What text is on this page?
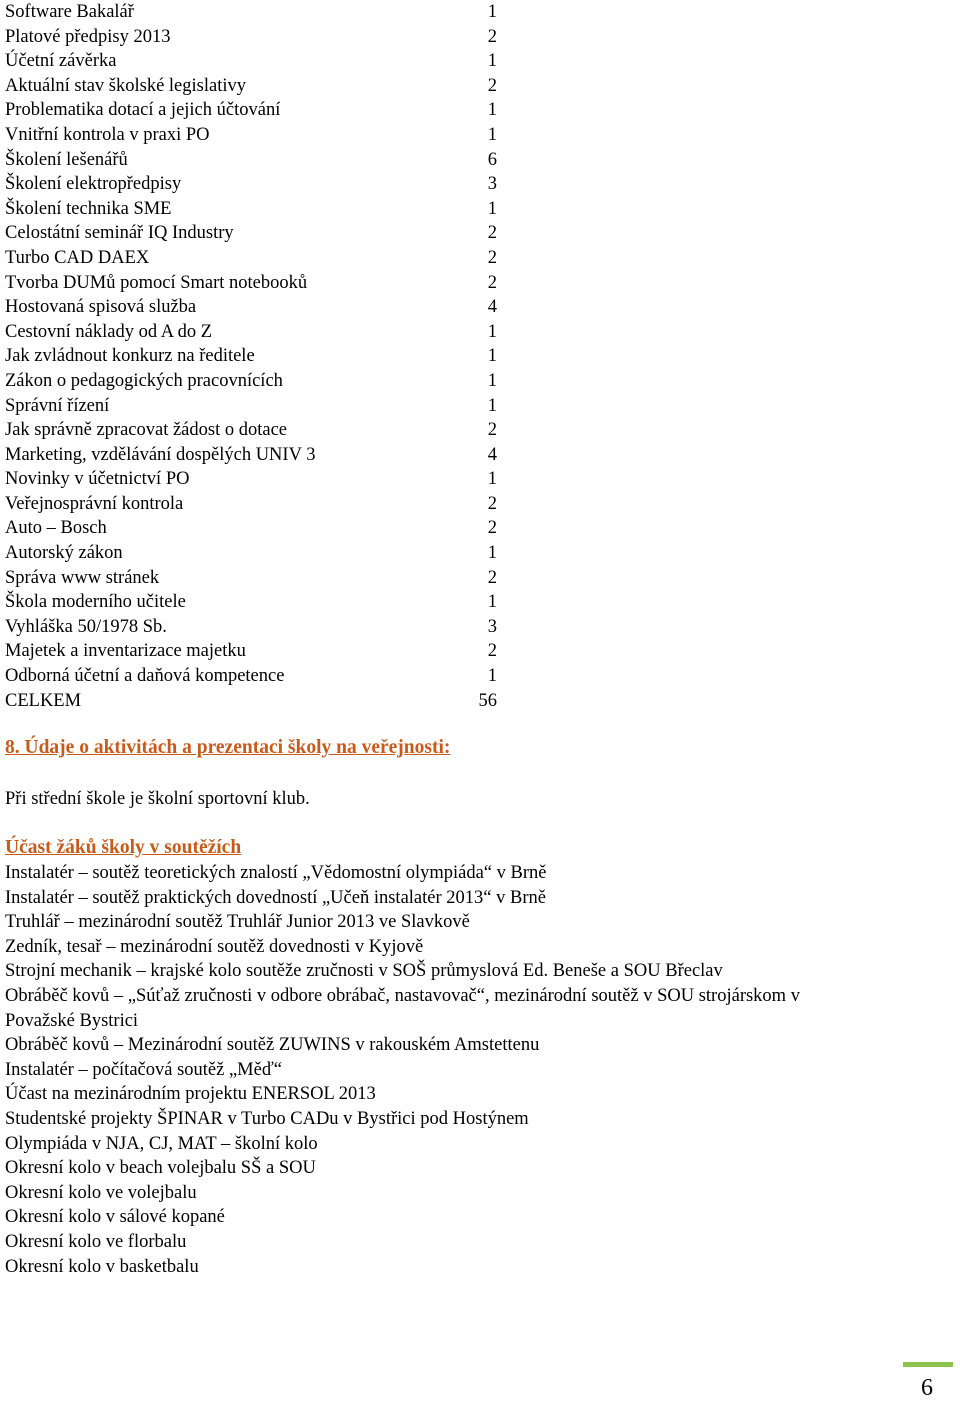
Software Bakalář	1
Platové předpisy 2013	2
Účetní závěrka	1
Aktuální stav školské legislativy	2
Problematika dotací a jejich účtování	1
Vnitřní kontrola v praxi PO	1
Školení lešenářů	6
Školení elektropředpisy	3
Školení technika SME	1
Celostátní seminář IQ Industry	2
Turbo CAD DAEX	2
Tvorba DUMů pomocí Smart notebooků	2
Hostovaná spisová služba	4
Cestovní náklady od A do Z	1
Jak zvládnout konkurz na ředitele	1
Zákon o pedagogických pracovnících	1
Správní řízení	1
Jak správně zpracovat žádost o dotace	2
Marketing, vzdělávání dospělých UNIV 3	4
Novinky v účetnictví PO	1
Veřejnosprávní kontrola	2
Auto – Bosch	2
Autorský zákon	1
Správa www stránek	2
Škola moderního učitele	1
Vyhláška 50/1978 Sb.	3
Majetek a inventarizace majetku	2
Odborná účetní a daňová kompetence	1
CELKEM	56
8. Údaje o aktivitách a prezentaci školy na veřejnosti:
Při střední škole je školní sportovní klub.
Účast žáků školy v soutěžích
Instalatér – soutěž teoretických znalostí „Vědomostní olympiáda“ v Brně
Instalatér – soutěž praktických dovedností „Učeň instalatér 2013“ v Brně
Truhlář – mezinárodní soutěž Truhlář Junior 2013 ve Slavkově
Zedník, tesař – mezinárodní soutěž dovednosti v Kyjově
Strojní mechanik – krajské kolo soutěže zručnosti v SOŠ průmyslová Ed. Beneše a SOU Břeclav
Obráběč kovů – „Súťaž zručnosti v odbore obrábač, nastavovač“, mezinárodní soutěž v SOU strojárskom v Považské Bystrici
Obráběč kovů – Mezinárodní soutěž ZUWINS v rakouském Amstettenu
Instalatér – počítačová soutěž „Měď“
Účast na mezinárodním projektu ENERSOL 2013
Studentské projekty ŠPINAR v Turbo CADu v Bystřici pod Hostýnem
Olympiáda v NJA, CJ, MAT – školní kolo
Okresní kolo v beach volejbalu SŠ a SOU
Okresní kolo ve volejbalu
Okresní kolo v sálové kopané
Okresní kolo ve florbalu
Okresní kolo v basketbalu
6
